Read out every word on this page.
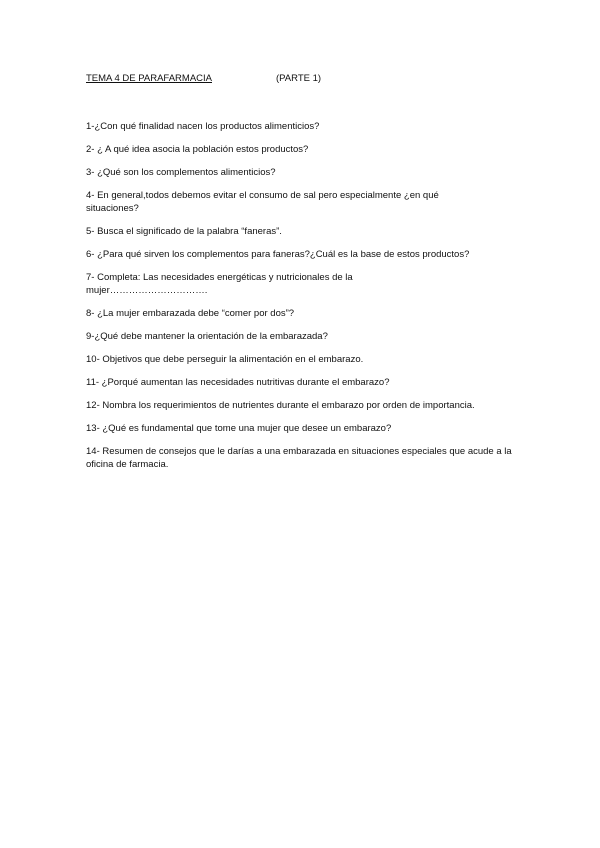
TEMA 4 DE PARAFARMACIA	(PARTE 1)
1-¿Con qué finalidad nacen los productos alimenticios?
2- ¿ A qué idea asocia la población estos productos?
3- ¿Qué son los complementos alimenticios?
4- En general,todos debemos evitar el consumo de sal pero especialmente ¿en qué situaciones?
5- Busca el significado de la palabra “faneras”.
6- ¿Para qué sirven los complementos para faneras?¿Cuál es la base de estos productos?
7- Completa: Las necesidades energéticas y nutricionales de la mujer………………………….
8- ¿La mujer embarazada debe “comer por dos”?
9-¿Qué debe mantener la orientación de la embarazada?
10- Objetivos que debe perseguir la alimentación en el embarazo.
11- ¿Porqué aumentan las necesidades nutritivas durante el embarazo?
12- Nombra los requerimientos de nutrientes durante el embarazo por orden de importancia.
13- ¿Qué es fundamental que tome una mujer que desee un embarazo?
14- Resumen de consejos que le darías a una embarazada en situaciones especiales que acude a la oficina de farmacia.
